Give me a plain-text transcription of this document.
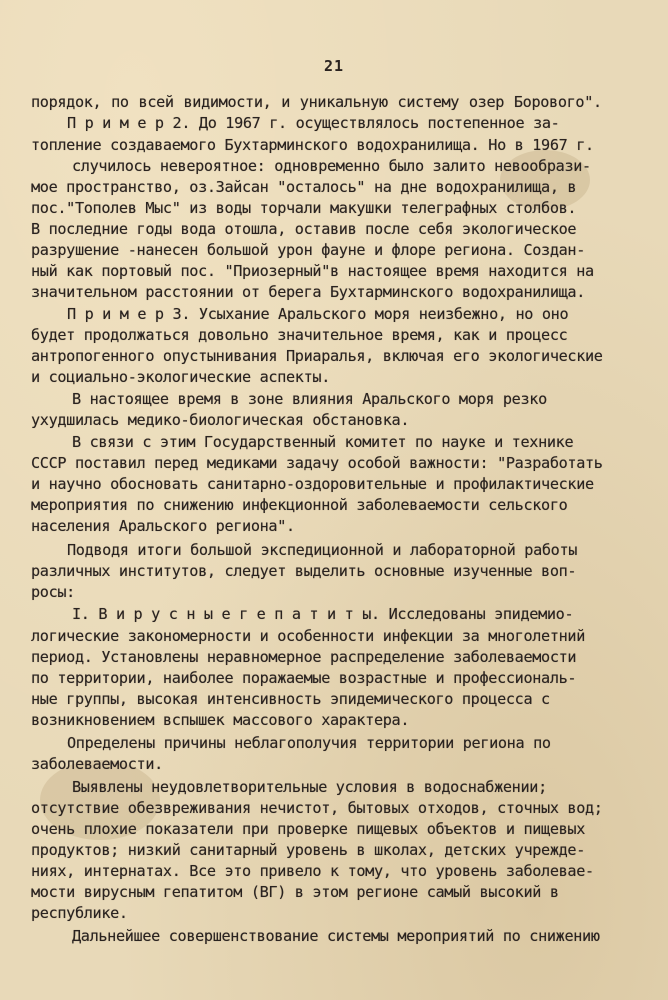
21
порядок, по всей видимости, и уникальную систему озер Борового".
П р и м е р 2. До 1967 г. осуществлялось постепенное за-
топление создаваемого Бухтарминского водохранилища. Но в 1967 г.
случилось невероятное: одновременно было залито невообрази-
мое пространство, оз.Зайсан "осталось" на дне водохранилища, в
пос."Тополев Мыс" из воды торчали макушки телеграфных столбов.
В последние годы вода отошла, оставив после себя экологическое
разрушение -нанесен большой урон фауне и флоре региона. Создан-
ный как портовый пос. "Приозерный"в настоящее время находится на
значительном расстоянии от берега Бухтарминского водохранилища.
П р и м е р 3. Усыхание Аральского моря неизбежно, но оно
будет продолжаться довольно значительное время, как и процесс
антропогенного опустынивания Приаралья, включая его экологические
и социально-экологические аспекты.
В настоящее время в зоне влияния Аральского моря резко
ухудшилась медико-биологическая обстановка.
В связи с этим Государственный комитет по науке и технике
СССР поставил перед медиками задачу особой важности: "Разработать
и научно обосновать санитарно-оздоровительные и профилактические
мероприятия по снижению инфекционной заболеваемости сельского
населения Аральского региона".
Подводя итоги большой экспедиционной и лабораторной работы
различных институтов, следует выделить основные изученные воп-
росы:
I. В и р у с н ы е г е п а т и т ы. Исследованы эпидемио-
логические закономерности и особенности инфекции за многолетний
период. Установлены неравномерное распределение заболеваемости
по территории, наиболее поражаемые возрастные и профессиональ-
ные группы, высокая интенсивность эпидемического процесса с
возникновением вспышек массового характера.
Определены причины неблагополучия территории региона по
заболеваемости.
Выявлены неудовлетворительные условия в водоснабжении;
отсутствие обезвреживания нечистот, бытовых отходов, сточных вод;
очень плохие показатели при проверке пищевых объектов и пищевых
продуктов; низкий санитарный уровень в школах, детских учрежде-
ниях, интернатах. Все это привело к тому, что уровень заболевае-
мости вирусным гепатитом (ВГ) в этом регионе самый высокий в
республике.
Дальнейшее совершенствование системы мероприятий по снижению
